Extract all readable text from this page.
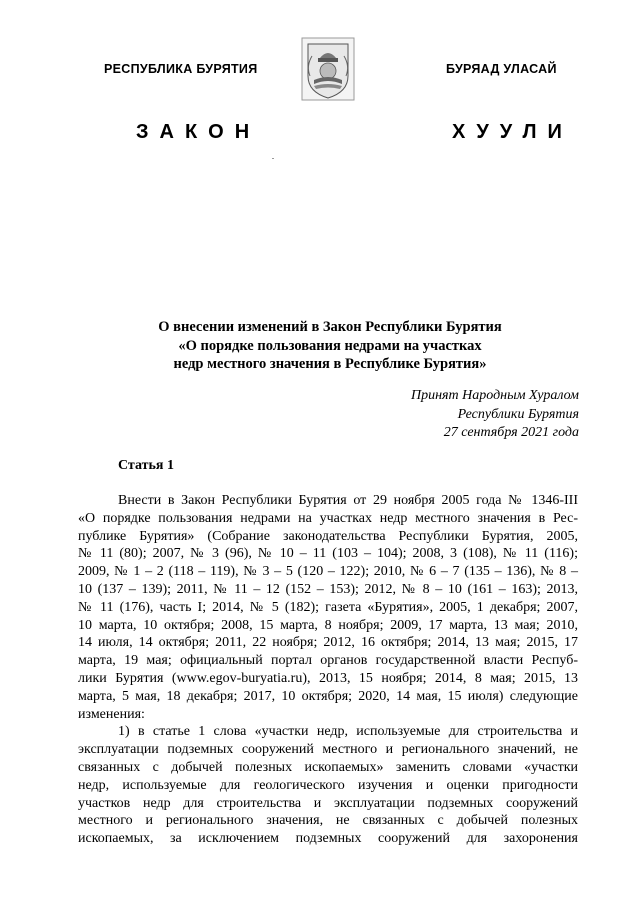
РЕСПУБЛИКА БУРЯТИЯ	БУРЯАД УЛАСАЙ
ЗАКОН	ХУУЛИ
О внесении изменений в Закон Республики Бурятия
«О порядке пользования недрами на участках
недр местного значения в Республике Бурятия»
Принят Народным Хуралом
Республики Бурятия
27 сентября 2021 года
Статья 1
Внести в Закон Республики Бурятия от 29 ноября 2005 года № 1346-III
«О порядке пользования недрами на участках недр местного значения в Рес-
публике Бурятия» (Собрание законодательства Республики Бурятия, 2005,
№ 11 (80); 2007, № 3 (96), № 10 – 11 (103 – 104); 2008, 3 (108), № 11 (116);
2009, № 1 – 2 (118 – 119), № 3 – 5 (120 – 122); 2010, № 6 – 7 (135 – 136), № 8 –
10 (137 – 139); 2011, № 11 – 12 (152 – 153); 2012, № 8 – 10 (161 – 163); 2013,
№ 11 (176), часть I; 2014, № 5 (182); газета «Бурятия», 2005, 1 декабря; 2007,
10 марта, 10 октября; 2008, 15 марта, 8 ноября; 2009, 17 марта, 13 мая; 2010,
14 июля, 14 октября; 2011, 22 ноября; 2012, 16 октября; 2014, 13 мая; 2015, 17
марта, 19 мая; официальный портал органов государственной власти Респуб-
лики Бурятия (www.egov-buryatia.ru), 2013, 15 ноября; 2014, 8 мая; 2015, 13
марта, 5 мая, 18 декабря; 2017, 10 октября; 2020, 14 мая, 15 июля) следующие
изменения:
1) в статье 1 слова «участки недр, используемые для строительства и
эксплуатации подземных сооружений местного и регионального значений, не
связанных с добычей полезных ископаемых» заменить словами «участки
недр, используемые для геологического изучения и оценки пригодности
участков недр для строительства и эксплуатации подземных сооружений
местного и регионального значения, не связанных с добычей полезных
ископаемых, за исключением подземных сооружений для захоронения
